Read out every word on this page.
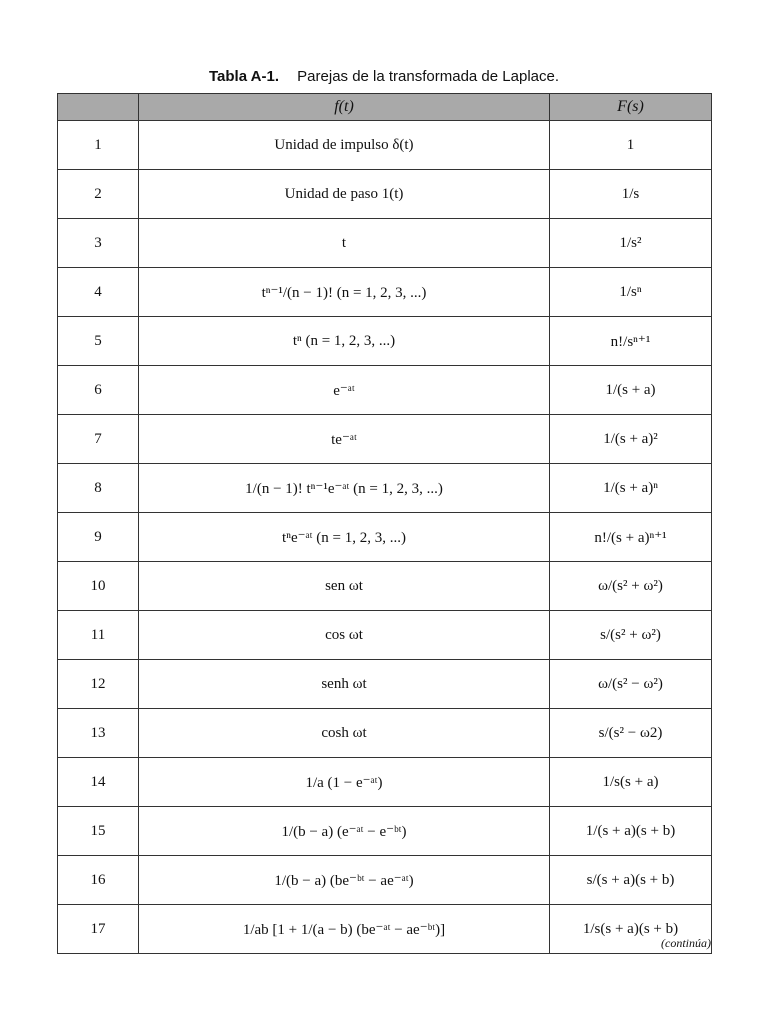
Tabla A-1. Parejas de la transformada de Laplace.
	f(t)	F(s)
1	Unidad de impulso δ(t)	1
2	Unidad de paso 1(t)	1/s
3	t	1/s²
4	tⁿ⁻¹/(n − 1)! (n = 1, 2, 3, ...)	1/sⁿ
5	tⁿ (n = 1, 2, 3, ...)	n!/sⁿ⁺¹
6	e⁻ᵃᵗ	1/(s + a)
7	te⁻ᵃᵗ	1/(s + a)²
8	1/(n − 1)! tⁿ⁻¹e⁻ᵃᵗ (n = 1, 2, 3, ...)	1/(s + a)ⁿ
9	tⁿe⁻ᵃᵗ (n = 1, 2, 3, ...)	n!/(s + a)ⁿ⁺¹
10	sen ωt	ω/(s² + ω²)
11	cos ωt	s/(s² + ω²)
12	senh ωt	ω/(s² − ω²)
13	cosh ωt	s/(s² − ω2)
14	1/a (1 − e⁻ᵃᵗ)	1/s(s + a)
15	1/(b − a) (e⁻ᵃᵗ − e⁻ᵇᵗ)	1/(s + a)(s + b)
16	1/(b − a) (be⁻ᵇᵗ − ae⁻ᵃᵗ)	s/(s + a)(s + b)
17	1/ab [1 + 1/(a − b) (be⁻ᵃᵗ − ae⁻ᵇᵗ)]	1/s(s + a)(s + b)
(continúa)
